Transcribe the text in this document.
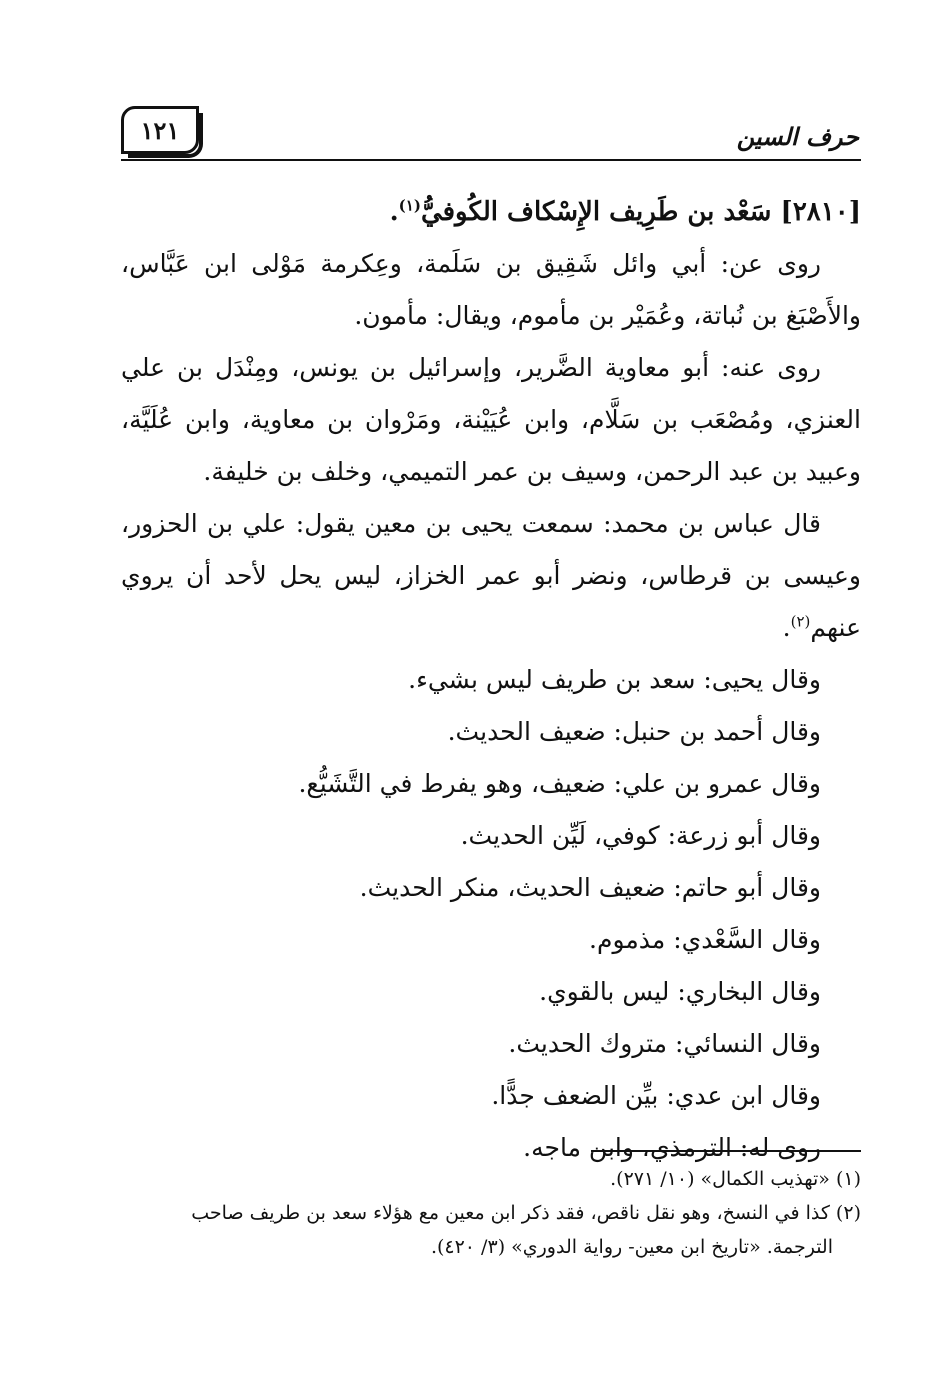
١٢١	حرف السين

[٢٨١٠] سَعْد بن طَرِيف الإِسْكاف الكُوفيُّ$^{(١)}$.

روى عن: أبي وائل شَقِيق بن سَلَمة، وعِكرمة مَوْلى ابن عَبَّاس، والأَصْبَغ بن نُباتة، وعُمَيْر بن مأموم، ويقال: مأمون.

روى عنه: أبو معاوية الضَّرير، وإسرائيل بن يونس، ومِنْدَل بن علي العنزي، ومُصْعَب بن سَلَّام، وابن عُيَيْنة، ومَرْوان بن معاوية، وابن عُلَيَّة، وعبيد بن عبد الرحمن، وسيف بن عمر التميمي، وخلف بن خليفة.

قال عباس بن محمد: سمعت يحيى بن معين يقول: علي بن الحزور، وعيسى بن قرطاس، ونضر أبو عمر الخزاز، ليس يحل لأحد أن يروي عنهم$^{(٢)}$.

وقال يحيى: سعد بن طريف ليس بشيء.

وقال أحمد بن حنبل: ضعيف الحديث.

وقال عمرو بن علي: ضعيف، وهو يفرط في التَّشَيُّع.

وقال أبو زرعة: كوفي، لَيِّن الحديث.

وقال أبو حاتم: ضعيف الحديث، منكر الحديث.

وقال السَّعْدي: مذموم.

وقال البخاري: ليس بالقوي.

وقال النسائي: متروك الحديث.

وقال ابن عدي: بيِّن الضعف جدًّا.

روى له: الترمذي، وابن ماجه.

(١) «تهذيب الكمال» (١٠/ ٢٧١).

(٢) كذا في النسخ، وهو نقل ناقص، فقد ذكر ابن معين مع هؤلاء سعد بن طريف صاحب

الترجمة. «تاريخ ابن معين- رواية الدوري» (٣/ ٤٢٠).
